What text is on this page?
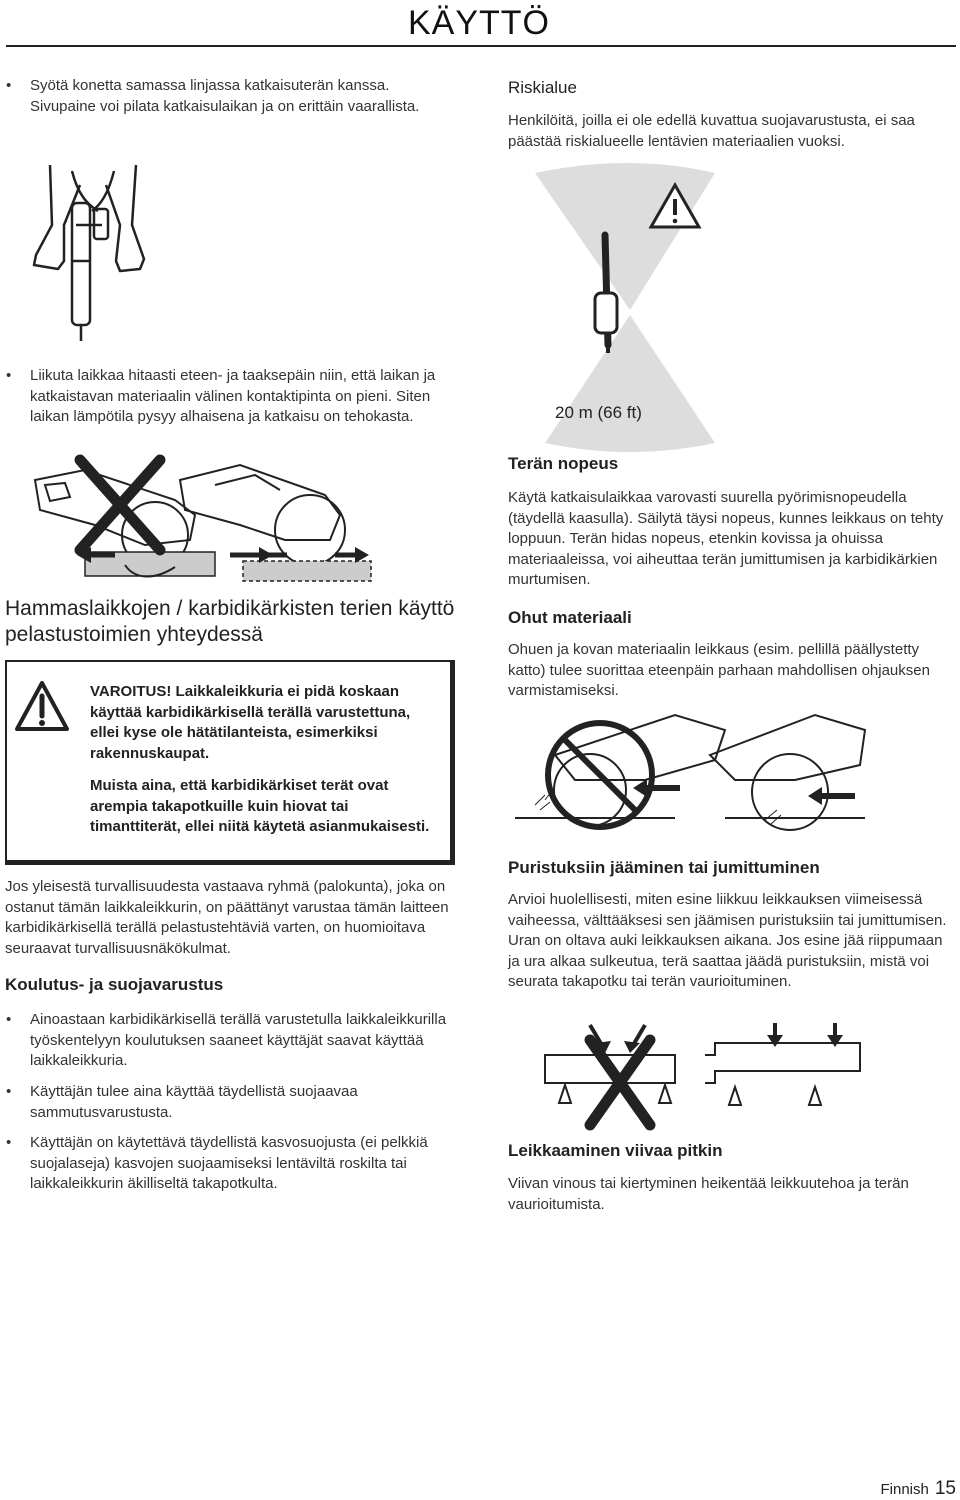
KÄYTTÖ
• Syötä konetta samassa linjassa katkaisuterän kanssa. Sivupaine voi pilata katkaisulaikan ja on erittäin vaarallista.
• Liikuta laikkaa hitaasti eteen- ja taaksepäin niin, että laikan ja katkaistavan materiaalin välinen kontaktipinta on pieni. Siten laikan lämpötila pysyy alhaisena ja katkaisu on tehokasta.
Hammaslaikkojen / karbidikärkisten terien käyttö pelastustoimien yhteydessä
VAROITUS! Laikkaleikkuria ei pidä koskaan käyttää karbidikärkisellä terällä varustettuna, ellei kyse ole hätätilanteista, esimerkiksi rakennuskaupat.
Muista aina, että karbidikärkiset terät ovat arempia takapotkuille kuin hiovat tai timanttiterät, ellei niitä käytetä asianmukaisesti.
Jos yleisestä turvallisuudesta vastaava ryhmä (palokunta), joka on ostanut tämän laikkaleikkurin, on päättänyt varustaa tämän laitteen karbidikärkisellä terällä pelastustehtäviä varten, on huomioitava seuraavat turvallisuusnäkökulmat.
Koulutus- ja suojavarustus
• Ainoastaan karbidikärkisellä terällä varustetulla laikkaleikkurilla työskentelyyn koulutuksen saaneet käyttäjät saavat käyttää laikkaleikkuria.
• Käyttäjän tulee aina käyttää täydellistä suojaavaa sammutusvarustusta.
• Käyttäjän on käytettävä täydellistä kasvosuojusta (ei pelkkiä suojalaseja) kasvojen suojaamiseksi lentäviltä roskilta tai laikkaleikkurin äkilliseltä takapotkulta.
Riskialue
Henkilöitä, joilla ei ole edellä kuvattua suojavarustusta, ei saa päästää riskialueelle lentävien materiaalien vuoksi.
20 m (66 ft)
Terän nopeus
Käytä katkaisulaikkaa varovasti suurella pyörimisnopeudella (täydellä kaasulla). Säilytä täysi nopeus, kunnes leikkaus on tehty loppuun. Terän hidas nopeus, etenkin kovissa ja ohuissa materiaaleissa, voi aiheuttaa terän jumittumisen ja karbidikärkien murtumisen.
Ohut materiaali
Ohuen ja kovan materiaalin leikkaus (esim. pellillä päällystetty katto) tulee suorittaa eteenpäin parhaan mahdollisen ohjauksen varmistamiseksi.
Puristuksiin jääminen tai jumittuminen
Arvioi huolellisesti, miten esine liikkuu leikkauksen viimeisessä vaiheessa, välttääksesi sen jäämisen puristuksiin tai jumittumisen. Uran on oltava auki leikkauksen aikana. Jos esine jää riippumaan ja ura alkaa sulkeutua, terä saattaa jäädä puristuksiin, mistä voi seurata takapotku tai terän vaurioituminen.
Leikkaaminen viivaa pitkin
Viivan vinous tai kiertyminen heikentää leikkuutehoa ja terän vaurioitumista.
Finnish 15
